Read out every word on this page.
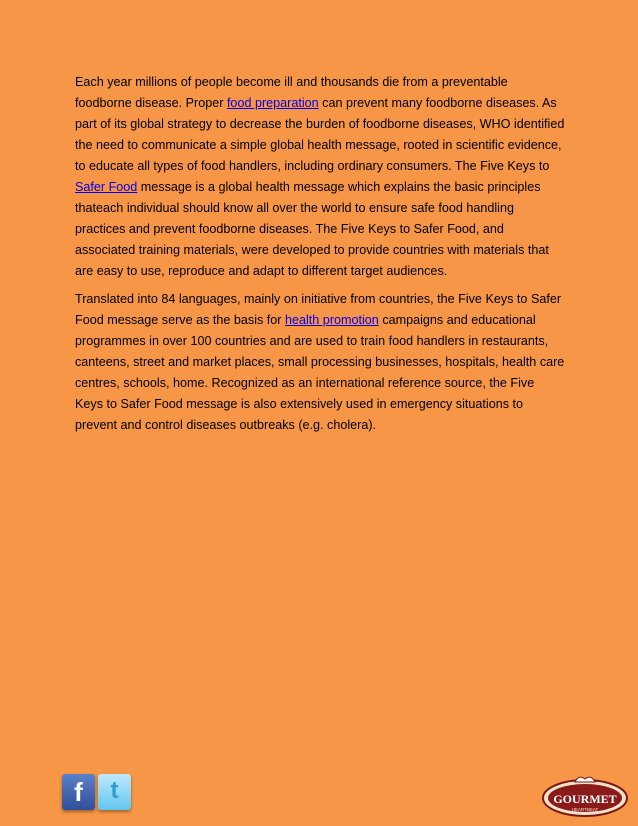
Each year millions of people become ill and thousands die from a preventable foodborne disease. Proper food preparation can prevent many foodborne diseases. As part of its global strategy to decrease the burden of foodborne diseases, WHO identified the need to communicate a simple global health message, rooted in scientific evidence, to educate all types of food handlers, including ordinary consumers. The Five Keys to Safer Food message is a global health message which explains the basic principles thateach individual should know all over the world to ensure safe food handling practices and prevent foodborne diseases. The Five Keys to Safer Food, and associated training materials, were developed to provide countries with materials that are easy to use, reproduce and adapt to different target audiences.

Translated into 84 languages, mainly on initiative from countries, the Five Keys to Safer Food message serve as the basis for health promotion campaigns and educational programmes in over 100 countries and are used to train food handlers in restaurants, canteens, street and market places, small processing businesses, hospitals, health care centres, schools, home. Recognized as an international reference source, the Five Keys to Safer Food message is also extensively used in emergency situations to prevent and control diseases outbreaks (e.g. cholera).

f	t	GOURMET
HEARTBEAT
